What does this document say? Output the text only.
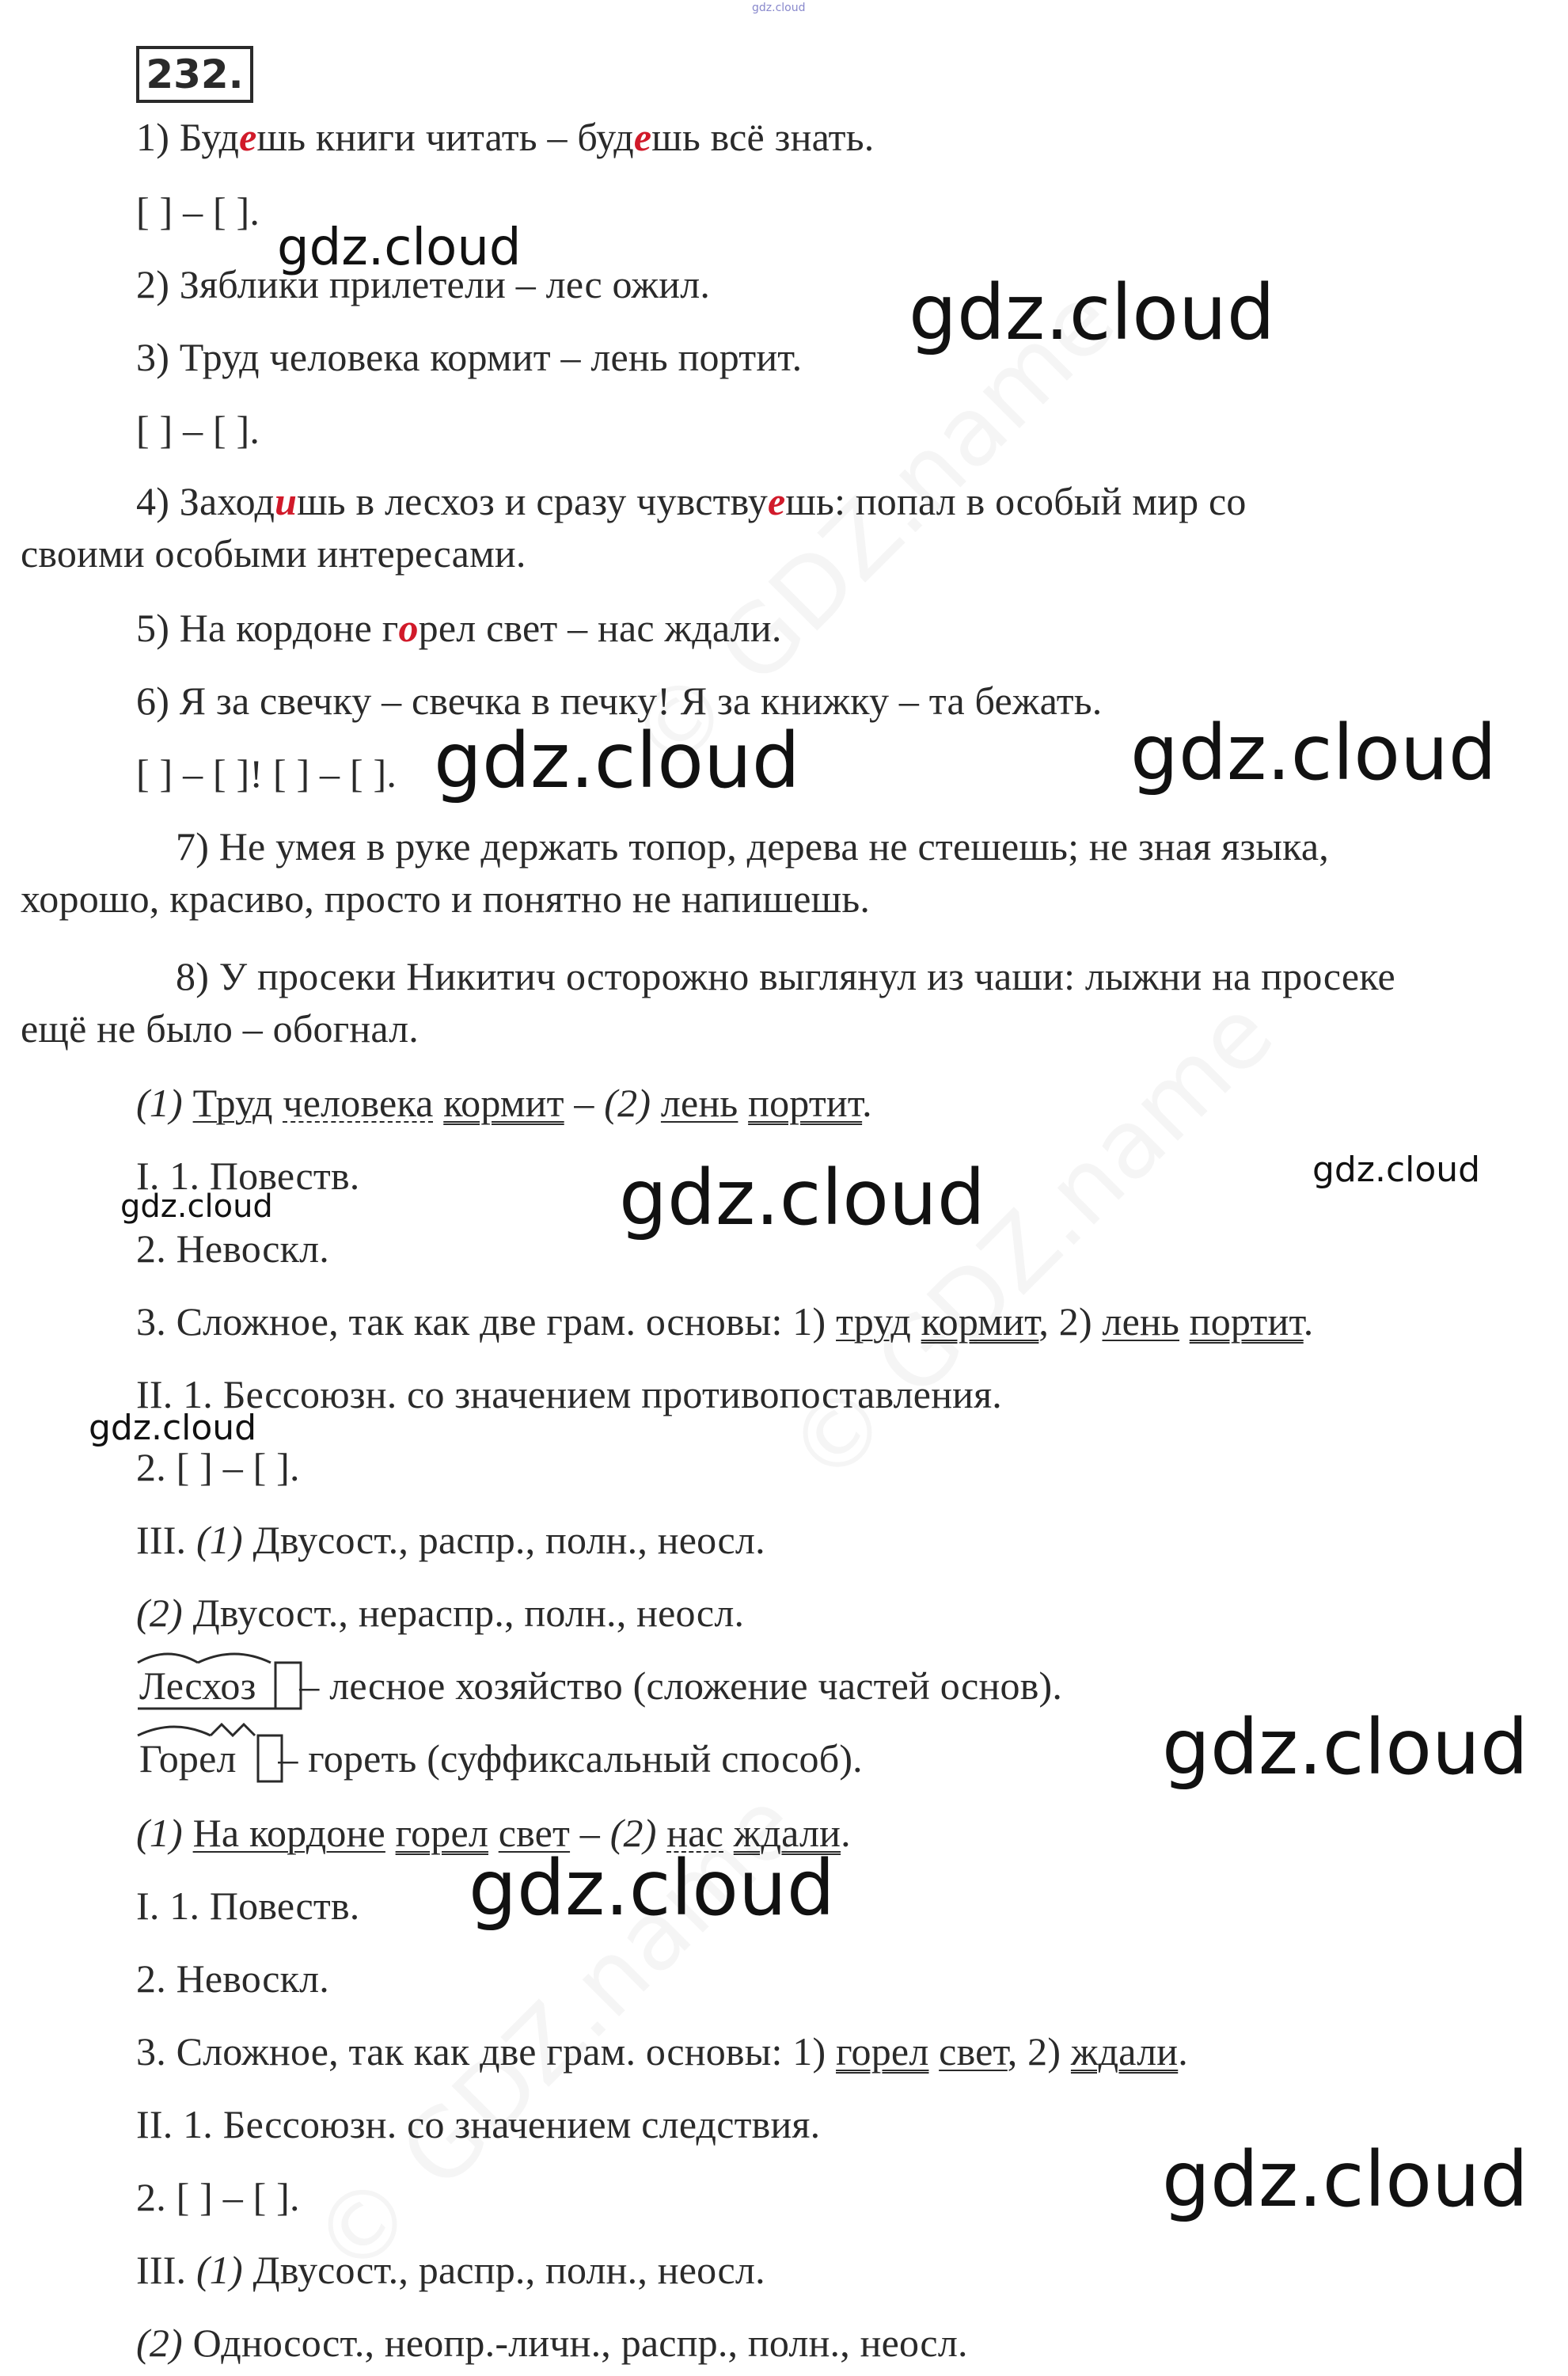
gdz.cloud
232.
1) Будешь книги читать – будешь всё знать.
[ ] – [ ].
2) Зяблики прилетели – лес ожил.
3) Труд человека кормит – лень портит.
[ ] – [ ].
4) Заходишь в лесхоз и сразу чувствуешь: попал в особый мир со
своими особыми интересами.
5) На кордоне горел свет – нас ждали.
6) Я за свечку – свечка в печку! Я за книжку – та бежать.
[ ] – [ ]! [ ] – [ ].
7) Не умея в руке держать топор, дерева не стешешь; не зная языка,
хорошо, красиво, просто и понятно не напишешь.
8) У просеки Никитич осторожно выглянул из чаши: лыжни на просеке
ещё не было – обогнал.
(1) Труд человека кормит – (2) лень портит.
I. 1. Повеств.
2. Невоскл.
3. Сложное, так как две грам. основы: 1) труд кормит, 2) лень портит.
II. 1. Бессоюзн. со значением противопоставления.
2. [ ] – [ ].
III. (1) Двусост., распр., полн., неосл.
(2) Двусост., нераспр., полн., неосл.
Лесхоз – лесное хозяйство (сложение частей основ).
Горел – гореть (суффиксальный способ).
(1) На кордоне горел свет – (2) нас ждали.
I. 1. Повеств.
2. Невоскл.
3. Сложное, так как две грам. основы: 1) горел свет, 2) ждали.
II. 1. Бессоюзн. со значением следствия.
2. [ ] – [ ].
III. (1) Двусост., распр., полн., неосл.
(2) Односост., неопр.-личн., распр., полн., неосл.
gdz.cloud
gdz.cloud
gdz.cloud	gdz.cloud
gdz.cloud	gdz.cloud
gdz.cloud
gdz.cloud
gdz.cloud
gdz.cloud
gdz.cloud
